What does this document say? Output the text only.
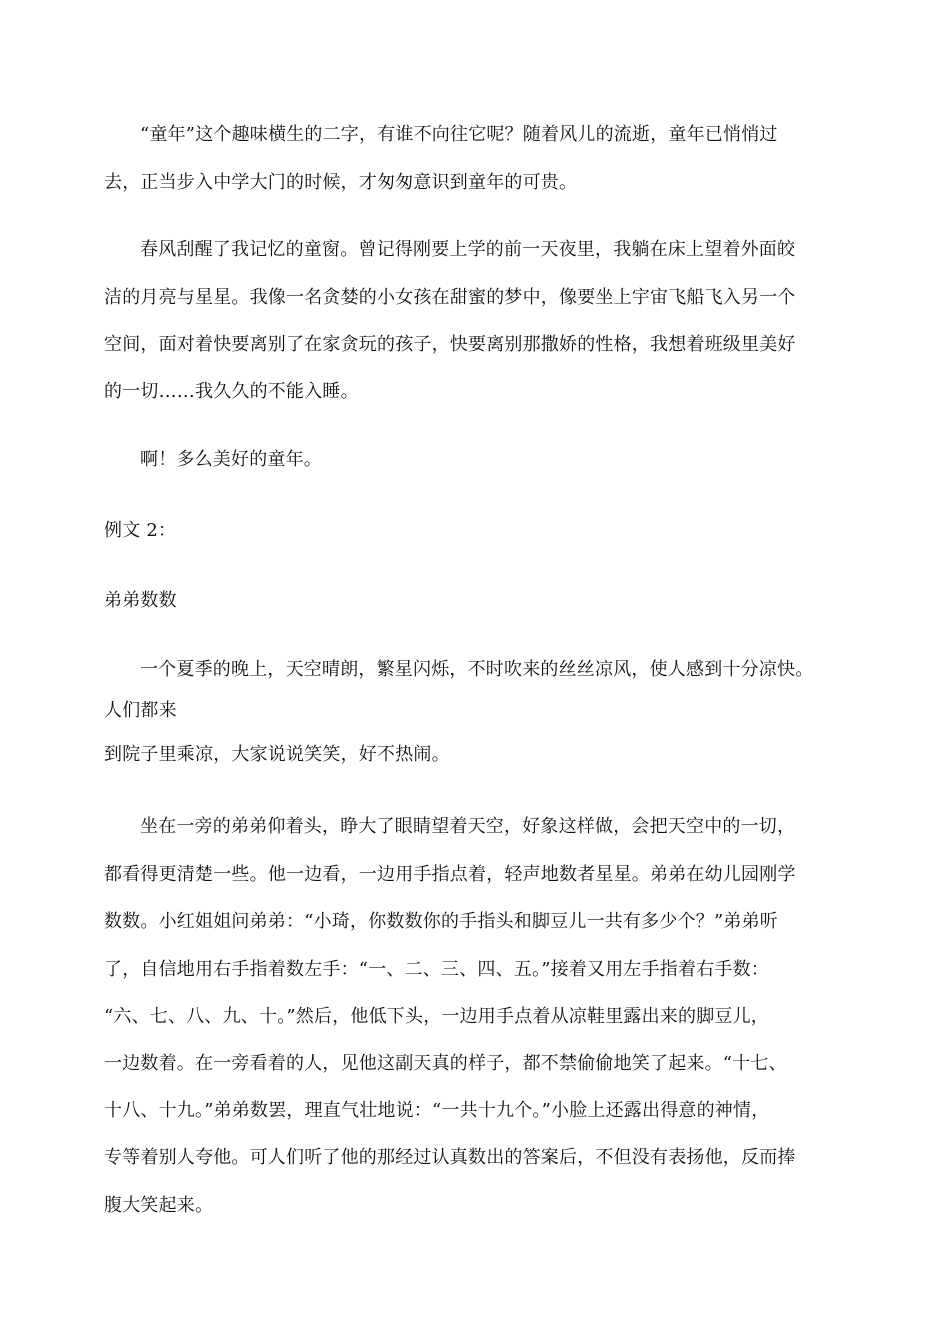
“童年”这个趣味横生的二字，有谁不向往它呢？随着风儿的流逝，童年已悄悄过
去，正当步入中学大门的时候，才匆匆意识到童年的可贵。
春风刮醒了我记忆的童窗。曾记得刚要上学的前一天夜里，我躺在床上望着外面皎
洁的月亮与星星。我像一名贪婪的小女孩在甜蜜的梦中，像要坐上宇宙飞船飞入另一个
空间，面对着快要离别了在家贪玩的孩子，快要离别那撒娇的性格，我想着班级里美好
的一切……我久久的不能入睡。
啊！多么美好的童年。
例文 2：
弟弟数数
一个夏季的晚上，天空晴朗，繁星闪烁，不时吹来的丝丝凉风，使人感到十分凉快。
人们都来
到院子里乘凉，大家说说笑笑，好不热闹。
坐在一旁的弟弟仰着头，睁大了眼睛望着天空，好象这样做，会把天空中的一切，
都看得更清楚一些。他一边看，一边用手指点着，轻声地数者星星。弟弟在幼儿园刚学
数数。小红姐姐问弟弟：“小琦，你数数你的手指头和脚豆儿一共有多少个？”弟弟听
了，自信地用右手指着数左手：“一、二、三、四、五。”接着又用左手指着右手数：
“六、七、八、九、十。”然后，他低下头，一边用手点着从凉鞋里露出来的脚豆儿，
一边数着。在一旁看着的人，见他这副天真的样子，都不禁偷偷地笑了起来。“十七、
十八、十九。”弟弟数罢，理直气壮地说：“一共十九个。”小脸上还露出得意的神情，
专等着别人夸他。可人们听了他的那经过认真数出的答案后，不但没有表扬他，反而捧
腹大笑起来。
